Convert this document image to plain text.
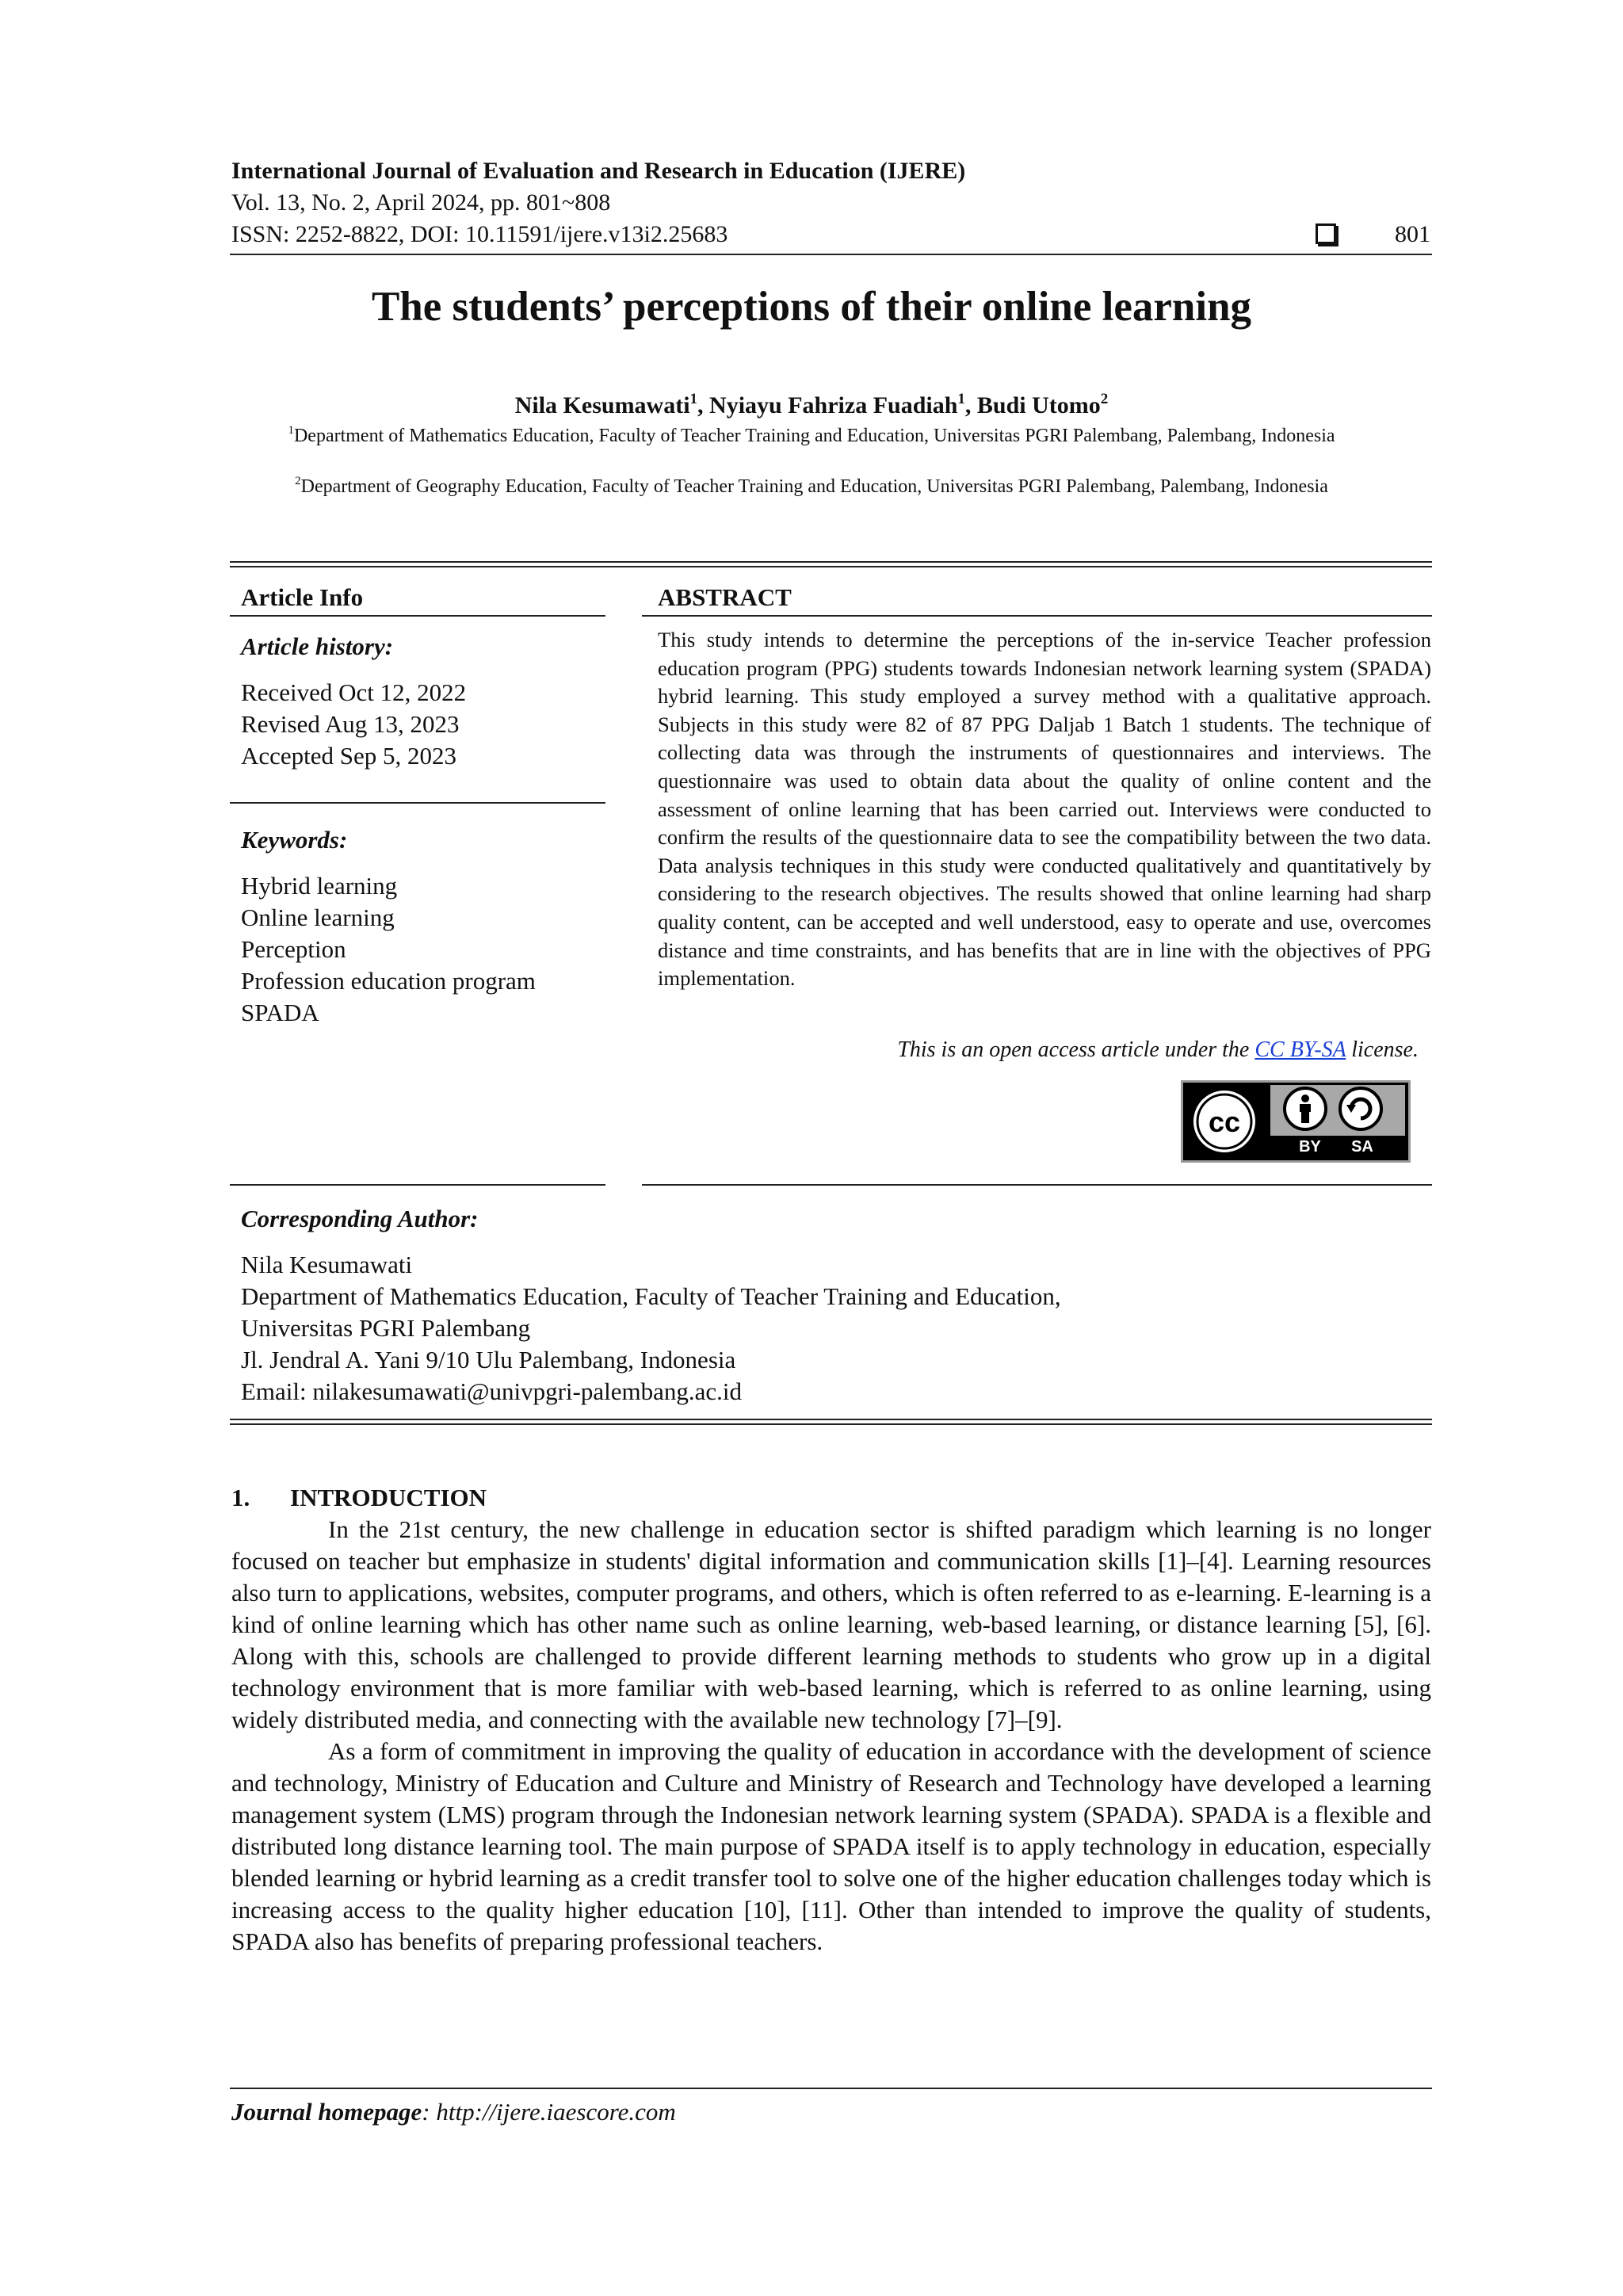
International Journal of Evaluation and Research in Education (IJERE)
Vol. 13, No. 2, April 2024, pp. 801~808
ISSN: 2252-8822, DOI: 10.11591/ijere.v13i2.25683	801
The students’ perceptions of their online learning
Nila Kesumawati$^1$, Nyiayu Fahriza Fuadiah$^1$, Budi Utomo$^2$
$^1$Department of Mathematics Education, Faculty of Teacher Training and Education, Universitas PGRI Palembang, Palembang, Indonesia
$^2$Department of Geography Education, Faculty of Teacher Training and Education, Universitas PGRI Palembang, Palembang, Indonesia
Article Info
Article history:
Received Oct 12, 2022
Revised Aug 13, 2023
Accepted Sep 5, 2023
Keywords:
Hybrid learning
Online learning
Perception
Profession education program
SPADA
ABSTRACT

This study intends to determine the perceptions of the in-service Teacher profession education program (PPG) students towards Indonesian network learning system (SPADA) hybrid learning. This study employed a survey method with a qualitative approach. Subjects in this study were 82 of 87 PPG Daljab 1 Batch 1 students. The technique of collecting data was through the instruments of questionnaires and interviews. The questionnaire was used to obtain data about the quality of online content and the assessment of online learning that has been carried out. Interviews were conducted to confirm the results of the questionnaire data to see the compatibility between the two data. Data analysis techniques in this study were conducted qualitatively and quantitatively by considering to the research objectives. The results showed that online learning had sharp quality content, can be accepted and well understood, easy to operate and use, overcomes distance and time constraints, and has benefits that are in line with the objectives of PPG implementation.

This is an open access article under the CC BY-SA license.
cc
BY	SA
Corresponding Author:
Nila Kesumawati
Department of Mathematics Education, Faculty of Teacher Training and Education,
Universitas PGRI Palembang
Jl. Jendral A. Yani 9/10 Ulu Palembang, Indonesia
Email: nilakesumawati@univpgri-palembang.ac.id
1. INTRODUCTION

In the 21st century, the new challenge in education sector is shifted paradigm which learning is no longer focused on teacher but emphasize in students' digital information and communication skills [1]–[4]. Learning resources also turn to applications, websites, computer programs, and others, which is often referred to as e-learning. E-learning is a kind of online learning which has other name such as online learning, web-based learning, or distance learning [5], [6]. Along with this, schools are challenged to provide different learning methods to students who grow up in a digital technology environment that is more familiar with web-based learning, which is referred to as online learning, using widely distributed media, and connecting with the available new technology [7]–[9].

As a form of commitment in improving the quality of education in accordance with the development of science and technology, Ministry of Education and Culture and Ministry of Research and Technology have developed a learning management system (LMS) program through the Indonesian network learning system (SPADA). SPADA is a flexible and distributed long distance learning tool. The main purpose of SPADA itself is to apply technology in education, especially blended learning or hybrid learning as a credit transfer tool to solve one of the higher education challenges today which is increasing access to the quality higher education [10], [11]. Other than intended to improve the quality of students, SPADA also has benefits of preparing professional teachers.

Journal homepage: http://ijere.iaescore.com
